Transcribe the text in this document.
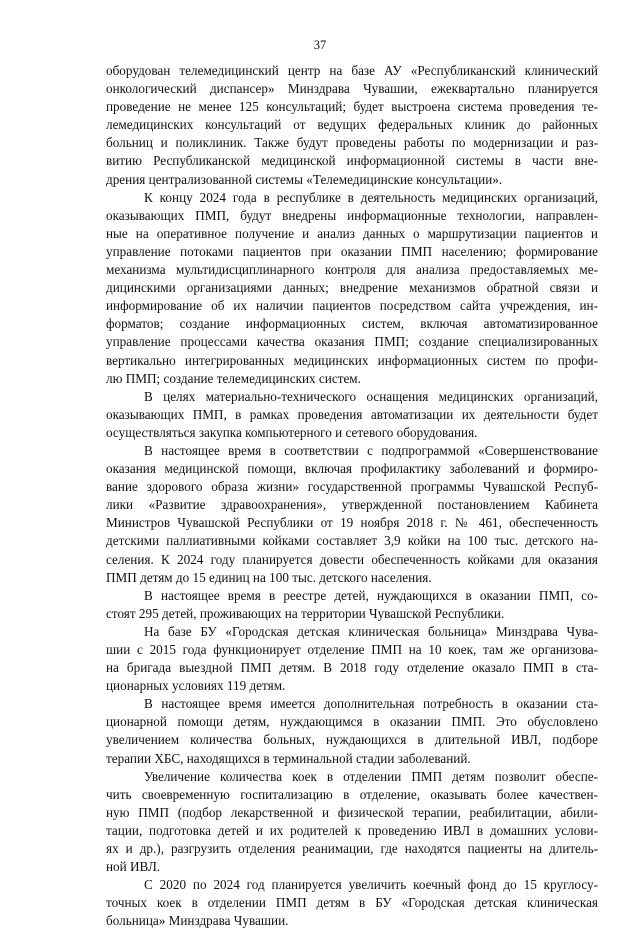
37
оборудован телемедицинский центр на базе АУ «Республиканский клинический
онкологический диспансер» Минздрава Чувашии, ежеквартально планируется
проведение не менее 125 консультаций; будет выстроена система проведения те-
лемедицинских консультаций от ведущих федеральных клиник до районных
больниц и поликлиник. Также будут проведены работы по модернизации и раз-
витию Республиканской медицинской информационной системы в части вне-
дрения централизованной системы «Телемедицинские консультации».
К концу 2024 года в республике в деятельность медицинских организаций,
оказывающих ПМП, будут внедрены информационные технологии, направлен-
ные на оперативное получение и анализ данных о маршрутизации пациентов и
управление потоками пациентов при оказании ПМП населению; формирование
механизма мультидисциплинарного контроля для анализа предоставляемых ме-
дицинскими организациями данных; внедрение механизмов обратной связи и
информирование об их наличии пациентов посредством сайта учреждения, ин-
форматов; создание информационных систем, включая автоматизированное
управление процессами качества оказания ПМП; создание специализированных
вертикально интегрированных медицинских информационных систем по профи-
лю ПМП; создание телемедицинских систем.
В целях материально-технического оснащения медицинских организаций,
оказывающих ПМП, в рамках проведения автоматизации их деятельности будет
осуществляться закупка компьютерного и сетевого оборудования.
В настоящее время в соответствии с подпрограммой «Совершенствование
оказания медицинской помощи, включая профилактику заболеваний и формиро-
вание здорового образа жизни» государственной программы Чувашской Респуб-
лики «Развитие здравоохранения», утвержденной постановлением Кабинета
Министров Чувашской Республики от 19 ноября 2018 г. № 461, обеспеченность
детскими паллиативными койками составляет 3,9 койки на 100 тыс. детского на-
селения. К 2024 году планируется довести обеспеченность койками для оказания
ПМП детям до 15 единиц на 100 тыс. детского населения.
В настоящее время в реестре детей, нуждающихся в оказании ПМП, со-
стоят 295 детей, проживающих на территории Чувашской Республики.
На базе БУ «Городская детская клиническая больница» Минздрава Чува-
шии с 2015 года функционирует отделение ПМП на 10 коек, там же организова-
на бригада выездной ПМП детям. В 2018 году отделение оказало ПМП в ста-
ционарных условиях 119 детям.
В настоящее время имеется дополнительная потребность в оказании ста-
ционарной помощи детям, нуждающимся в оказании ПМП. Это обусловлено
увеличением количества больных, нуждающихся в длительной ИВЛ, подборе
терапии ХБС, находящихся в терминальной стадии заболеваний.
Увеличение количества коек в отделении ПМП детям позволит обеспе-
чить своевременную госпитализацию в отделение, оказывать более качествен-
ную ПМП (подбор лекарственной и физической терапии, реабилитации, абили-
тации, подготовка детей и их родителей к проведению ИВЛ в домашних услови-
ях и др.), разгрузить отделения реанимации, где находятся пациенты на длитель-
ной ИВЛ.
С 2020 по 2024 год планируется увеличить коечный фонд до 15 круглосу-
точных коек в отделении ПМП детям в БУ «Городская детская клиническая
больница» Минздрава Чувашии.
